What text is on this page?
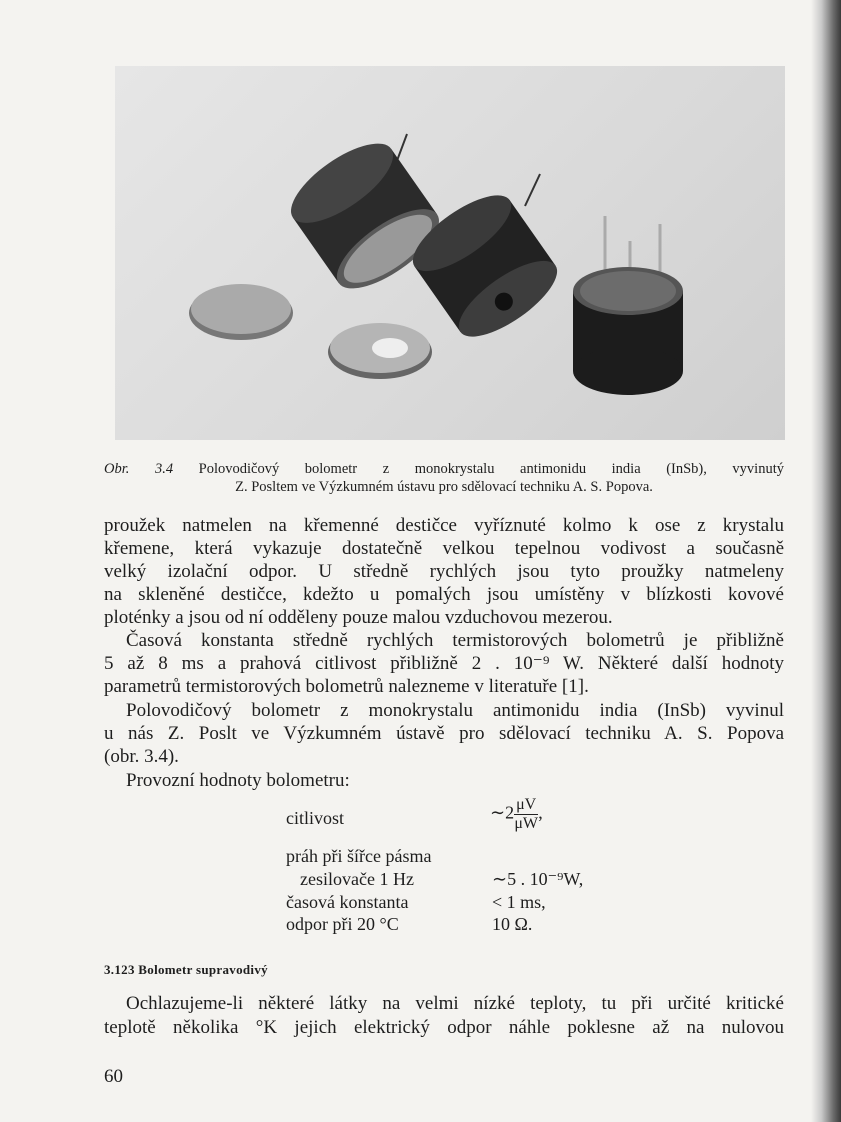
Obr. 3.4 Polovodičový bolometr z monokrystalu antimonidu india (InSb), vyvinutý
Z. Posltem ve Výzkumném ústavu pro sdělovací techniku A. S. Popova.
proužek natmelen na křemenné destičce vyříznuté kolmo k ose z krystalu
křemene, která vykazuje dostatečně velkou tepelnou vodivost a současně
velký izolační odpor. U středně rychlých jsou tyto proužky natmeleny
na skleněné destičce, kdežto u pomalých jsou umístěny v blízkosti kovové
ploténky a jsou od ní odděleny pouze malou vzduchovou mezerou.
Časová konstanta středně rychlých termistorových bolometrů je přibližně
5 až 8 ms a prahová citlivost přibližně 2 . 10⁻⁹ W. Některé další hodnoty
parametrů termistorových bolometrů nalezneme v literatuře [1].
Polovodičový bolometr z monokrystalu antimonidu india (InSb) vyvinul
u nás Z. Poslt ve Výzkumném ústavě pro sdělovací techniku A. S. Popova
(obr. 3.4).
Provozní hodnoty bolometru:
citlivost	∼2 $\frac{\mu V}{\mu W}$,
práh při šířce pásma
zesilovače 1 Hz	∼5 . 10⁻⁹W,
časová konstanta	< 1 ms,
odpor při 20 °C	10 Ω.
3.123 Bolometr supravodivý
Ochlazujeme-li některé látky na velmi nízké teploty, tu při určité kritické
teplotě několika °K jejich elektrický odpor náhle poklesne až na nulovou
60
